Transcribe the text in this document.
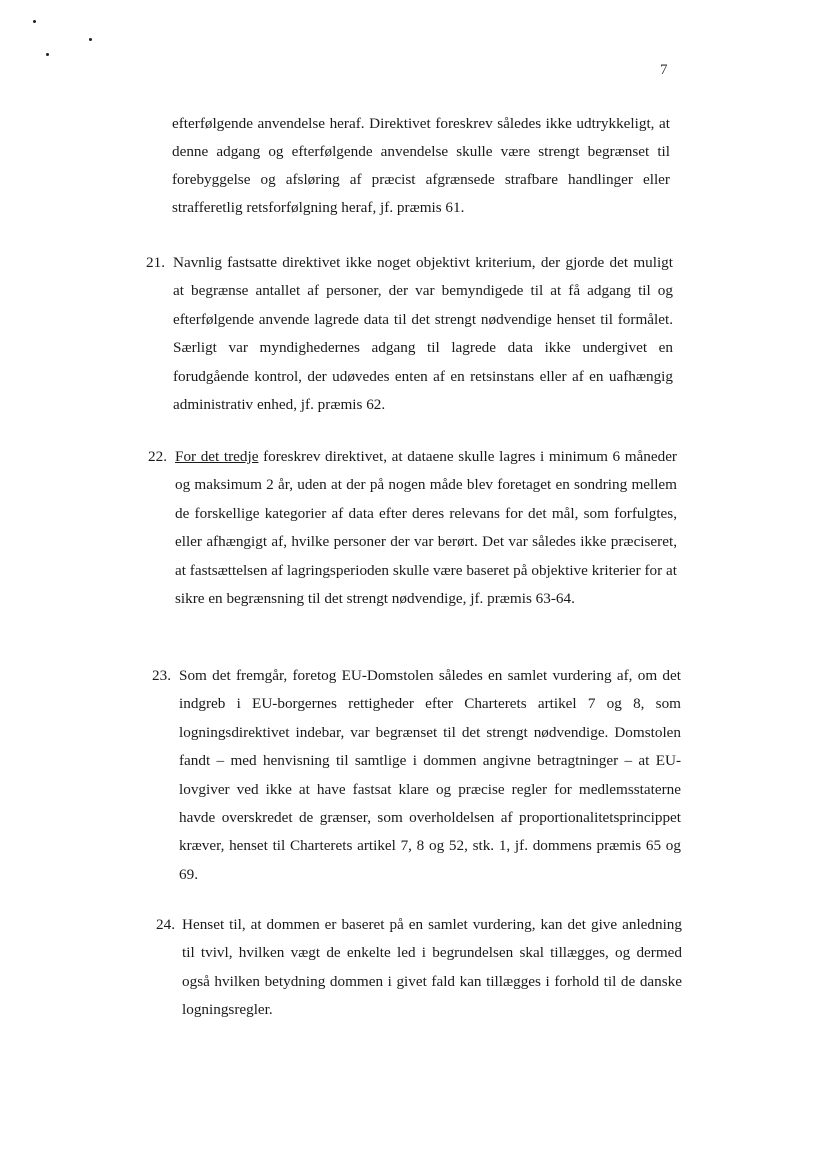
7
efterfølgende anvendelse heraf. Direktivet foreskrev således ikke udtrykkeligt, at denne adgang og efterfølgende anvendelse skulle være strengt begrænset til forebyggelse og afsløring af præcist afgrænsede strafbare handlinger eller strafferetlig retsforfølgning heraf, jf. præmis 61.
21. Navnlig fastsatte direktivet ikke noget objektivt kriterium, der gjorde det muligt at begrænse antallet af personer, der var bemyndigede til at få adgang til og efterfølgende anvende lagrede data til det strengt nødvendige henset til formålet. Særligt var myndighedernes adgang til lagrede data ikke undergivet en forudgående kontrol, der udøvedes enten af en retsinstans eller af en uafhængig administrativ enhed, jf. præmis 62.
22. For det tredje foreskrev direktivet, at dataene skulle lagres i minimum 6 måneder og maksimum 2 år, uden at der på nogen måde blev foretaget en sondring mellem de forskellige kategorier af data efter deres relevans for det mål, som forfulgtes, eller afhængigt af, hvilke personer der var berørt. Det var således ikke præciseret, at fastsættelsen af lagringsperioden skulle være baseret på objektive kriterier for at sikre en begrænsning til det strengt nødvendige, jf. præmis 63-64.
23. Som det fremgår, foretog EU-Domstolen således en samlet vurdering af, om det indgreb i EU-borgernes rettigheder efter Charterets artikel 7 og 8, som logningsdirektivet indebar, var begrænset til det strengt nødvendige. Domstolen fandt – med henvisning til samtlige i dommen angivne betragtninger – at EU-lovgiver ved ikke at have fastsat klare og præcise regler for medlemsstaterne havde overskredet de grænser, som overholdelsen af proportionalitetsprincippet kræver, henset til Charterets artikel 7, 8 og 52, stk. 1, jf. dommens præmis 65 og 69.
24. Henset til, at dommen er baseret på en samlet vurdering, kan det give anledning til tvivl, hvilken vægt de enkelte led i begrundelsen skal tillægges, og dermed også hvilken betydning dommen i givet fald kan tillægges i forhold til de danske logningsregler.
